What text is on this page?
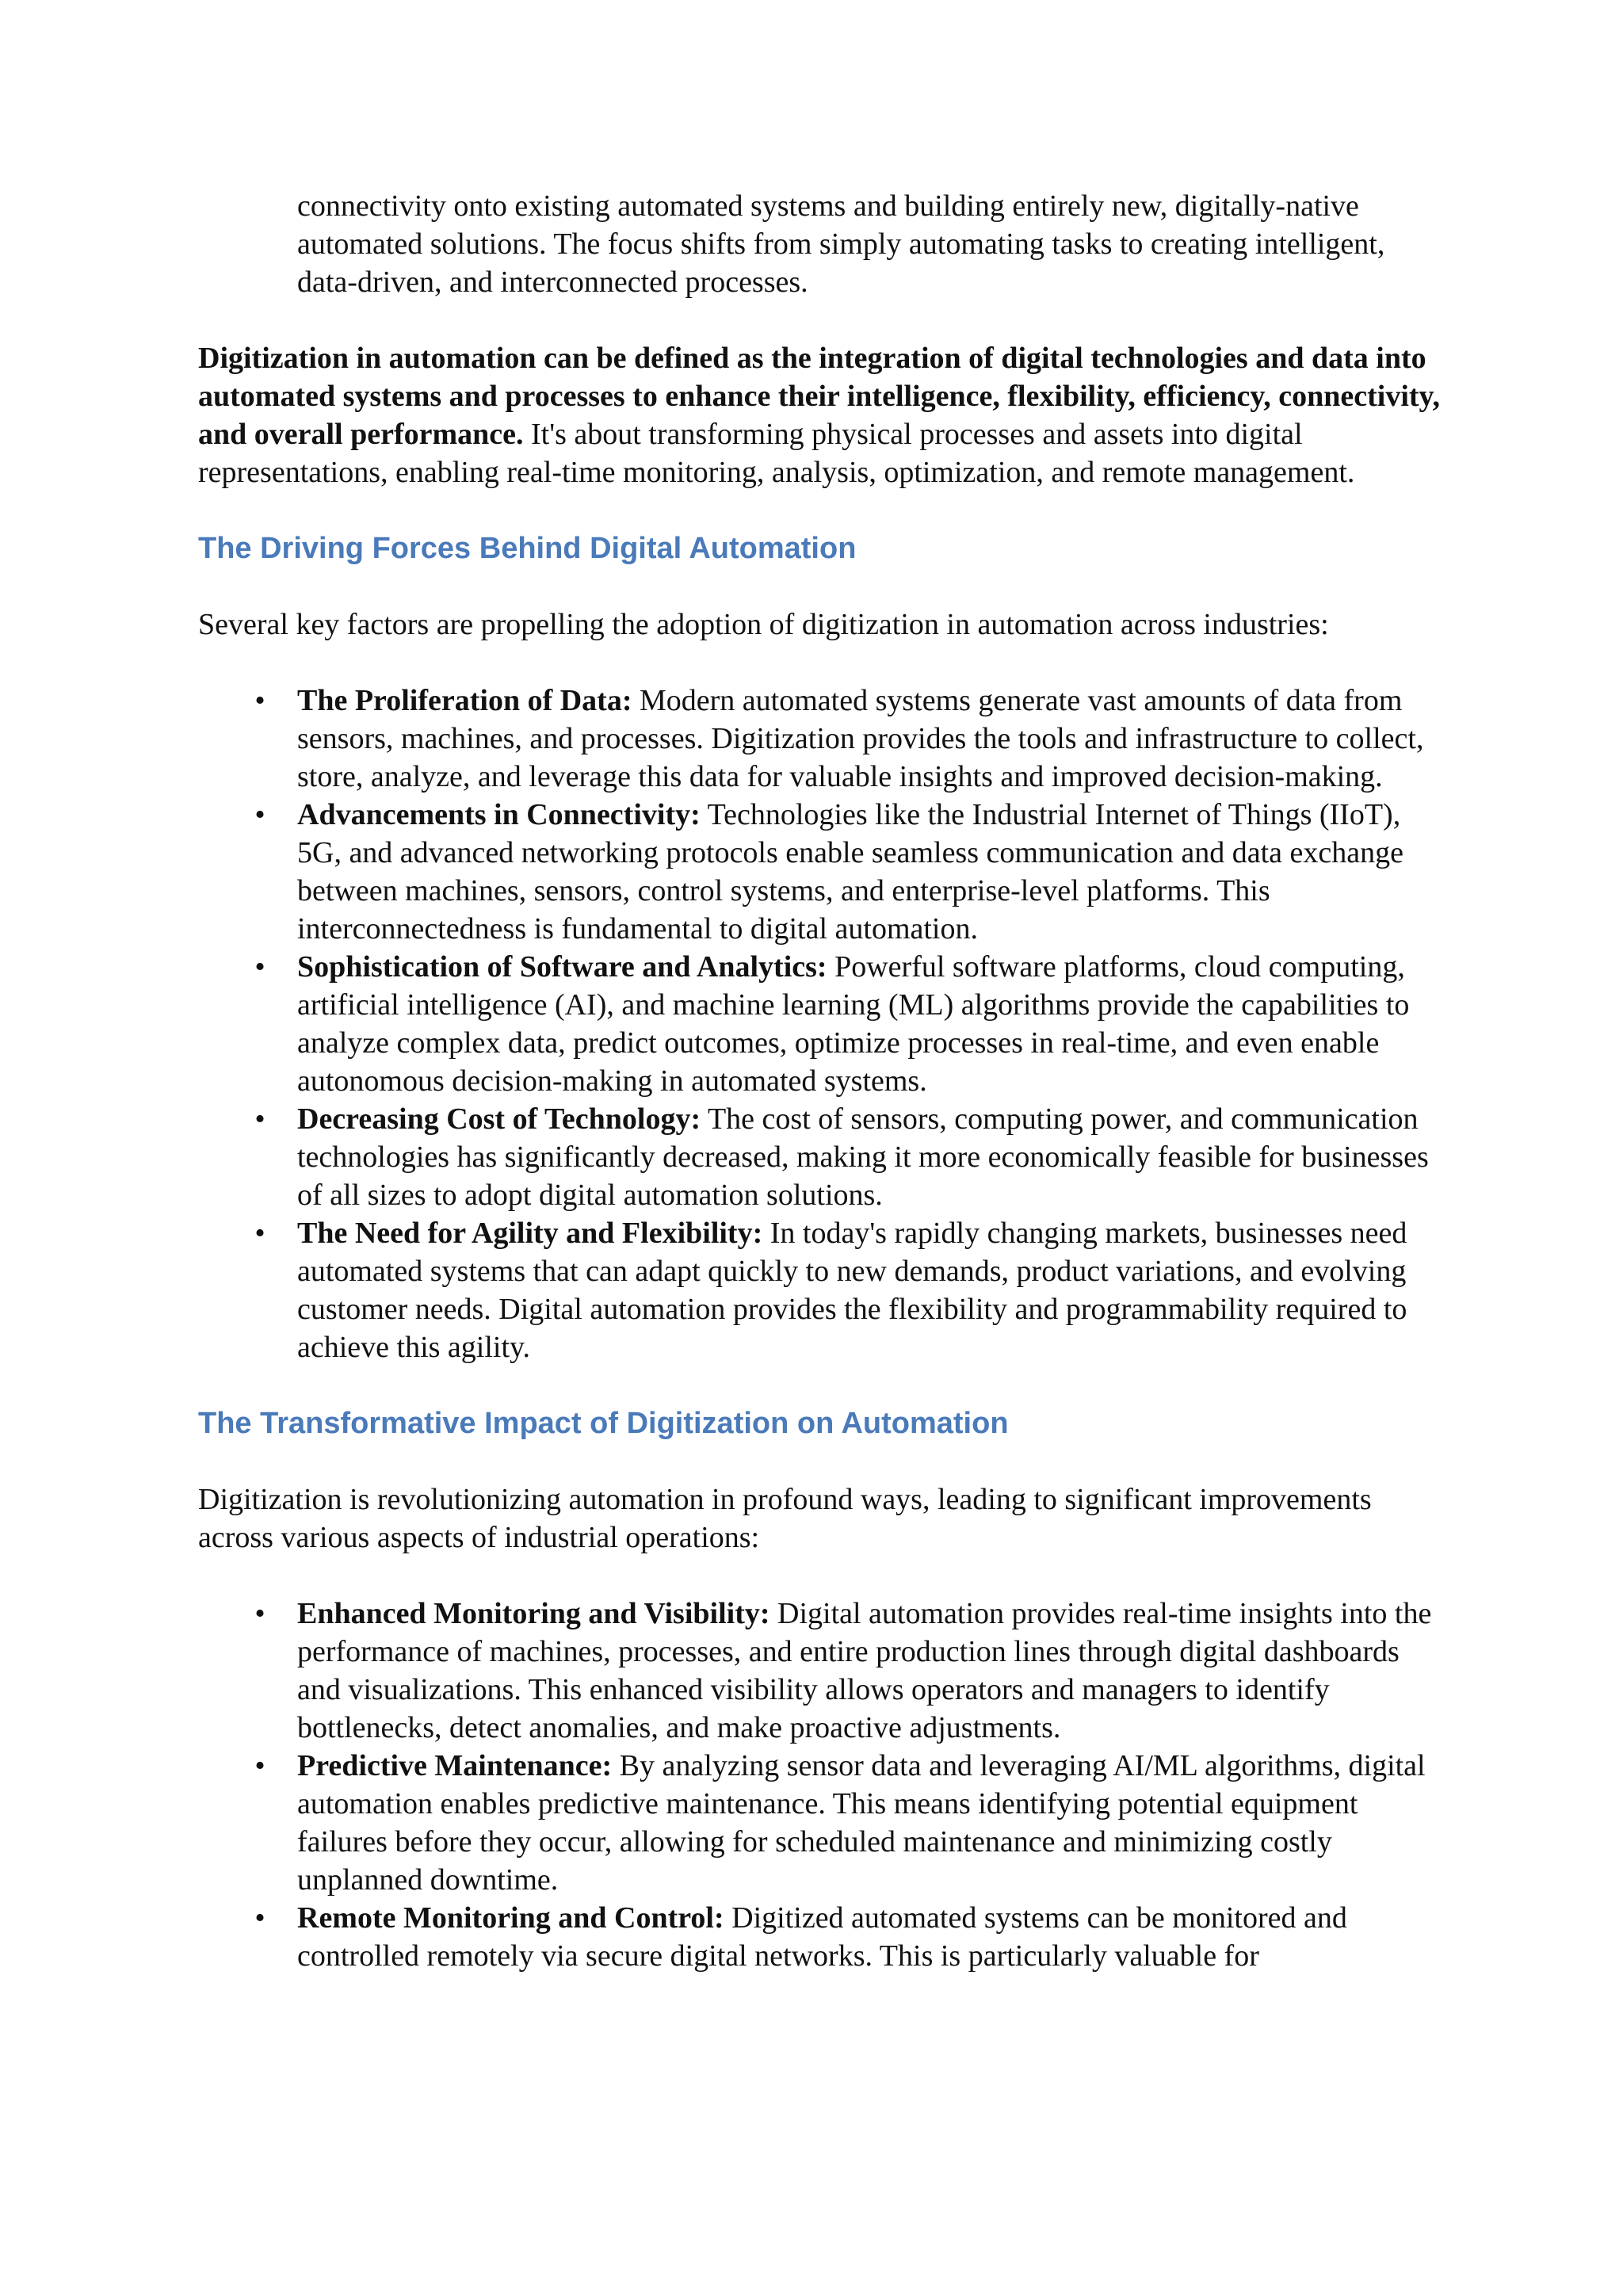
connectivity onto existing automated systems and building entirely new, digitally-native automated solutions. The focus shifts from simply automating tasks to creating intelligent, data-driven, and interconnected processes.

Digitization in automation can be defined as the integration of digital technologies and data into automated systems and processes to enhance their intelligence, flexibility, efficiency, connectivity, and overall performance. It's about transforming physical processes and assets into digital representations, enabling real-time monitoring, analysis, optimization, and remote management.

The Driving Forces Behind Digital Automation

Several key factors are propelling the adoption of digitization in automation across industries:

• The Proliferation of Data: Modern automated systems generate vast amounts of data from sensors, machines, and processes. Digitization provides the tools and infrastructure to collect, store, analyze, and leverage this data for valuable insights and improved decision-making.
• Advancements in Connectivity: Technologies like the Industrial Internet of Things (IIoT), 5G, and advanced networking protocols enable seamless communication and data exchange between machines, sensors, control systems, and enterprise-level platforms. This interconnectedness is fundamental to digital automation.
• Sophistication of Software and Analytics: Powerful software platforms, cloud computing, artificial intelligence (AI), and machine learning (ML) algorithms provide the capabilities to analyze complex data, predict outcomes, optimize processes in real-time, and even enable autonomous decision-making in automated systems.
• Decreasing Cost of Technology: The cost of sensors, computing power, and communication technologies has significantly decreased, making it more economically feasible for businesses of all sizes to adopt digital automation solutions.
• The Need for Agility and Flexibility: In today's rapidly changing markets, businesses need automated systems that can adapt quickly to new demands, product variations, and evolving customer needs. Digital automation provides the flexibility and programmability required to achieve this agility.
The Transformative Impact of Digitization on Automation

Digitization is revolutionizing automation in profound ways, leading to significant improvements across various aspects of industrial operations:

• Enhanced Monitoring and Visibility: Digital automation provides real-time insights into the performance of machines, processes, and entire production lines through digital dashboards and visualizations. This enhanced visibility allows operators and managers to identify bottlenecks, detect anomalies, and make proactive adjustments.
• Predictive Maintenance: By analyzing sensor data and leveraging AI/ML algorithms, digital automation enables predictive maintenance. This means identifying potential equipment failures before they occur, allowing for scheduled maintenance and minimizing costly unplanned downtime.
• Remote Monitoring and Control: Digitized automated systems can be monitored and controlled remotely via secure digital networks. This is particularly valuable for
